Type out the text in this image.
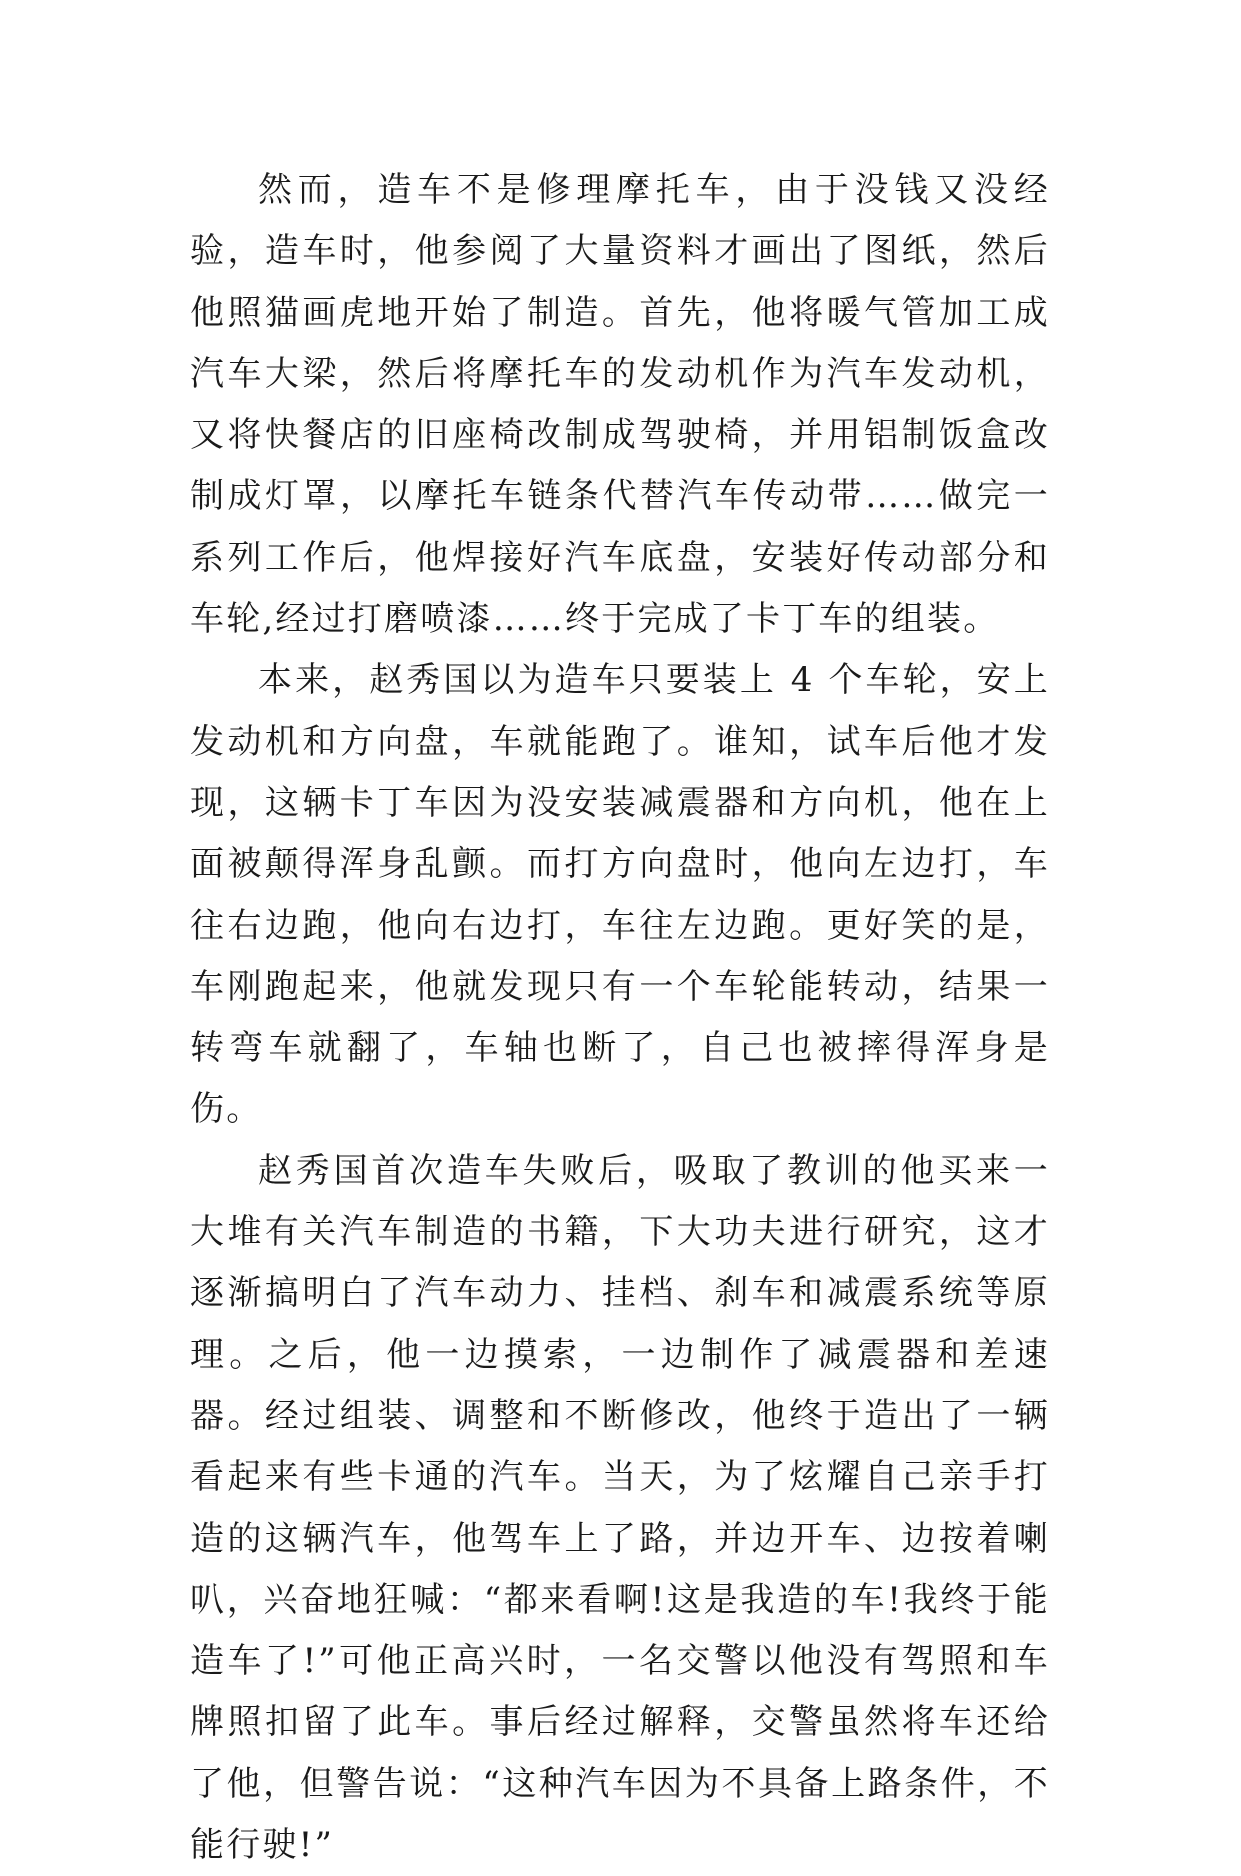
然而，造车不是修理摩托车，由于没钱又没经验，造车时，他参阅了大量资料才画出了图纸，然后他照猫画虎地开始了制造。首先，他将暖气管加工成汽车大梁，然后将摩托车的发动机作为汽车发动机，又将快餐店的旧座椅改制成驾驶椅，并用铝制饭盒改制成灯罩，以摩托车链条代替汽车传动带……做完一系列工作后，他焊接好汽车底盘，安装好传动部分和车轮,经过打磨喷漆……终于完成了卡丁车的组装。

本来，赵秀国以为造车只要装上 4 个车轮，安上发动机和方向盘，车就能跑了。谁知，试车后他才发现，这辆卡丁车因为没安装减震器和方向机，他在上面被颠得浑身乱颤。而打方向盘时，他向左边打，车往右边跑，他向右边打，车往左边跑。更好笑的是，车刚跑起来，他就发现只有一个车轮能转动，结果一转弯车就翻了，车轴也断了，自己也被摔得浑身是伤。

赵秀国首次造车失败后，吸取了教训的他买来一大堆有关汽车制造的书籍，下大功夫进行研究，这才逐渐搞明白了汽车动力、挂档、刹车和减震系统等原理。之后，他一边摸索，一边制作了减震器和差速器。经过组装、调整和不断修改，他终于造出了一辆看起来有些卡通的汽车。当天，为了炫耀自己亲手打造的这辆汽车，他驾车上了路，并边开车、边按着喇叭，兴奋地狂喊：“都来看啊!这是我造的车!我终于能造车了!”可他正高兴时，一名交警以他没有驾照和车牌照扣留了此车。事后经过解释，交警虽然将车还给了他，但警告说：“这种汽车因为不具备上路条件，不能行驶!”
